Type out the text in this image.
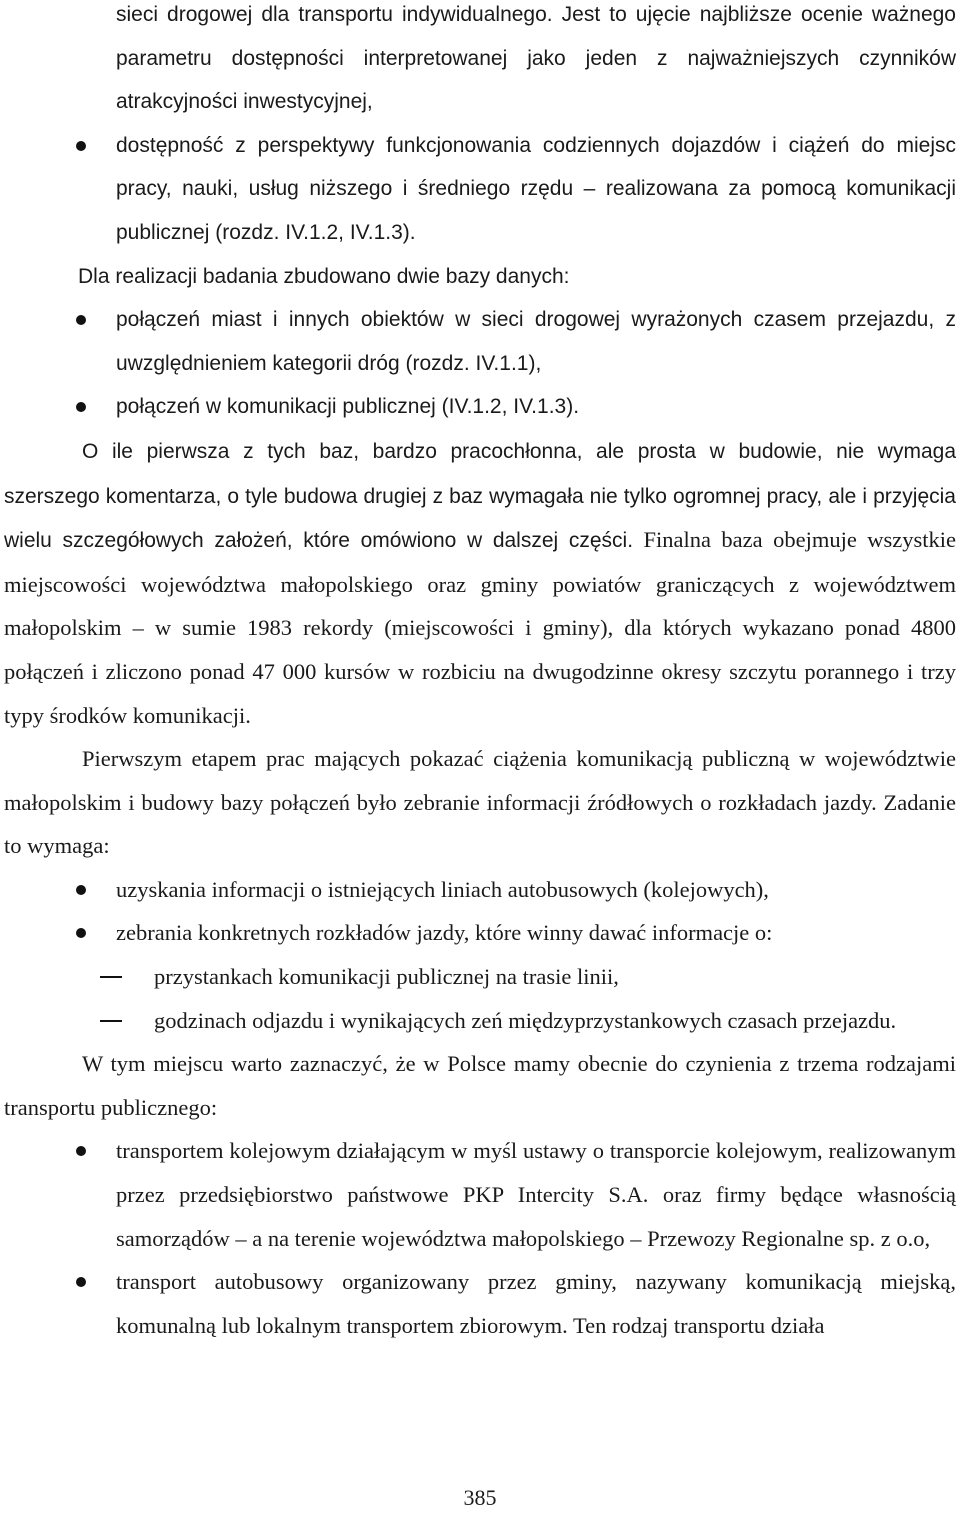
sieci drogowej dla transportu indywidualnego. Jest to ujęcie najbliższe ocenie ważnego parametru dostępności interpretowanej jako jeden z najważniejszych czynników atrakcyjności inwestycyjnej,

dostępność z perspektywy funkcjonowania codziennych dojazdów i ciążeń do miejsc pracy, nauki, usług niższego i średniego rzędu – realizowana za pomocą komunikacji publicznej (rozdz. IV.1.2, IV.1.3).

Dla realizacji badania zbudowano dwie bazy danych:

połączeń miast i innych obiektów w sieci drogowej wyrażonych czasem przejazdu, z uwzględnieniem kategorii dróg (rozdz. IV.1.1),

połączeń w komunikacji publicznej (IV.1.2, IV.1.3).

O ile pierwsza z tych baz, bardzo pracochłonna, ale prosta w budowie, nie wymaga szerszego komentarza, o tyle budowa drugiej z baz wymagała nie tylko ogromnej pracy, ale i przyjęcia wielu szczegółowych założeń, które omówiono w dalszej części. Finalna baza obejmuje wszystkie miejscowości województwa małopolskiego oraz gminy powiatów graniczących z województwem małopolskim – w sumie 1983 rekordy (miejscowości i gminy), dla których wykazano ponad 4800 połączeń i zliczono ponad 47 000 kursów w rozbiciu na dwugodzinne okresy szczytu porannego i trzy typy środków komunikacji.

Pierwszym etapem prac mających pokazać ciążenia komunikacją publiczną w województwie małopolskim i budowy bazy połączeń było zebranie informacji źródłowych o rozkładach jazdy. Zadanie to wymaga:

uzyskania informacji o istniejących liniach autobusowych (kolejowych),

zebrania konkretnych rozkładów jazdy, które winny dawać informacje o:

przystankach komunikacji publicznej na trasie linii,

godzinach odjazdu i wynikających zeń międzyprzystankowych czasach przejazdu.

W tym miejscu warto zaznaczyć, że w Polsce mamy obecnie do czynienia z trzema rodzajami transportu publicznego:

transportem kolejowym działającym w myśl ustawy o transporcie kolejowym, realizowanym przez przedsiębiorstwo państwowe PKP Intercity S.A. oraz firmy będące własnością samorządów – a na terenie województwa małopolskiego – Przewozy Regionalne sp. z o.o,

transport autobusowy organizowany przez gminy, nazywany komunikacją miejską, komunalną lub lokalnym transportem zbiorowym. Ten rodzaj transportu działa

385
